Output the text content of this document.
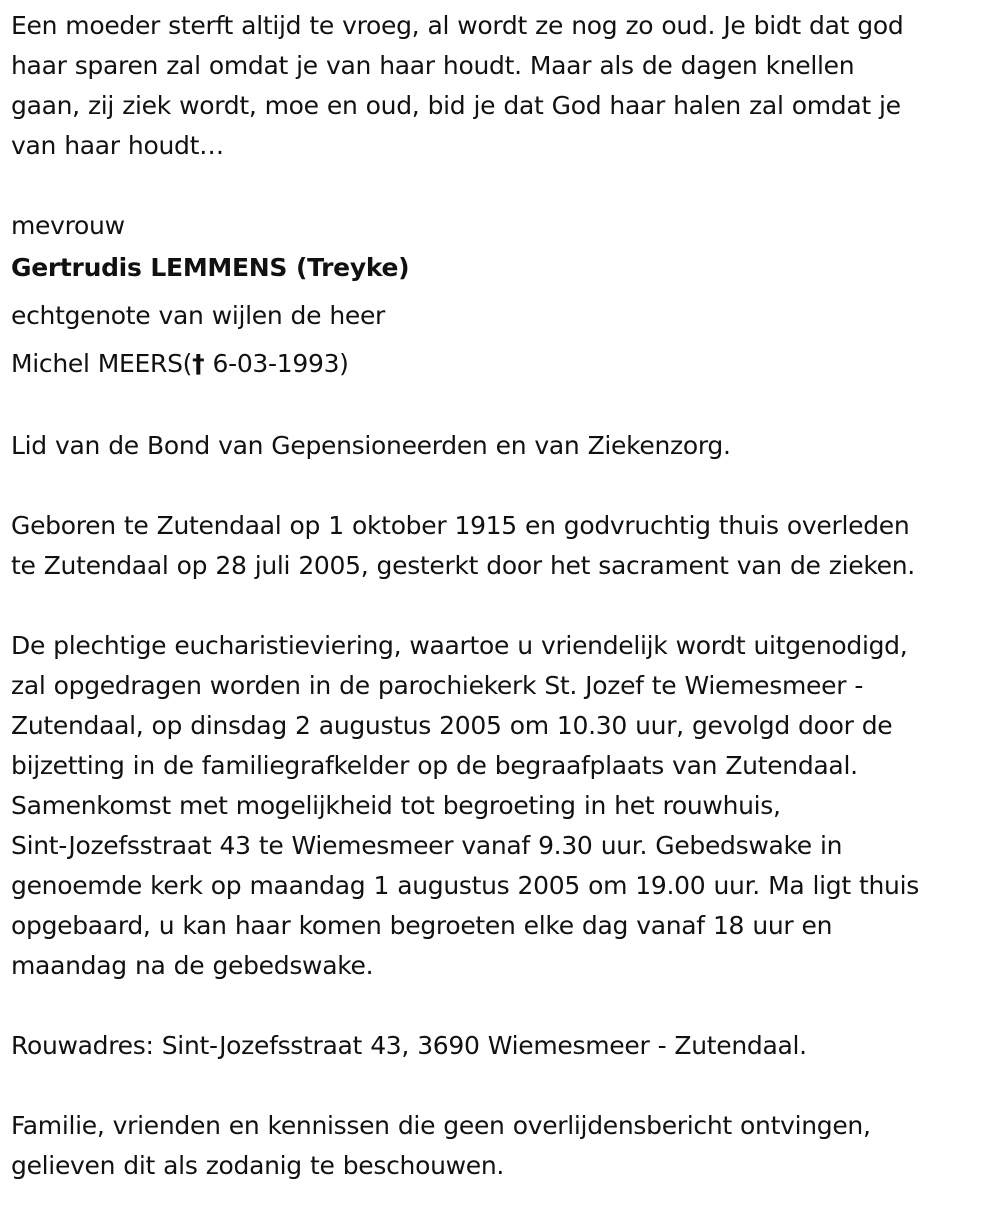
Een moeder sterft altijd te vroeg, al wordt ze nog zo oud. Je bidt dat god

haar sparen zal omdat je van haar houdt. Maar als de dagen knellen

gaan, zij ziek wordt, moe en oud, bid je dat God haar halen zal omdat je

van haar houdt…

mevrouw

Gertrudis LEMMENS (Treyke)

echtgenote van wijlen de heer

Michel MEERS(† 6-03-1993)

Lid van de Bond van Gepensioneerden en van Ziekenzorg.

Geboren te Zutendaal op 1 oktober 1915 en godvruchtig thuis overleden

te Zutendaal op 28 juli 2005, gesterkt door het sacrament van de zieken.

De plechtige eucharistieviering, waartoe u vriendelijk wordt uitgenodigd,

zal opgedragen worden in de parochiekerk St. Jozef te Wiemesmeer -

Zutendaal, op dinsdag 2 augustus 2005 om 10.30 uur, gevolgd door de

bijzetting in de familiegrafkelder op de begraafplaats van Zutendaal.

Samenkomst met mogelijkheid tot begroeting in het rouwhuis,

Sint-Jozefsstraat 43 te Wiemesmeer vanaf 9.30 uur. Gebedswake in

genoemde kerk op maandag 1 augustus 2005 om 19.00 uur. Ma ligt thuis

opgebaard, u kan haar komen begroeten elke dag vanaf 18 uur en

maandag na de gebedswake.

Rouwadres: Sint-Jozefsstraat 43, 3690 Wiemesmeer - Zutendaal.

Familie, vrienden en kennissen die geen overlijdensbericht ontvingen,

gelieven dit als zodanig te beschouwen.
